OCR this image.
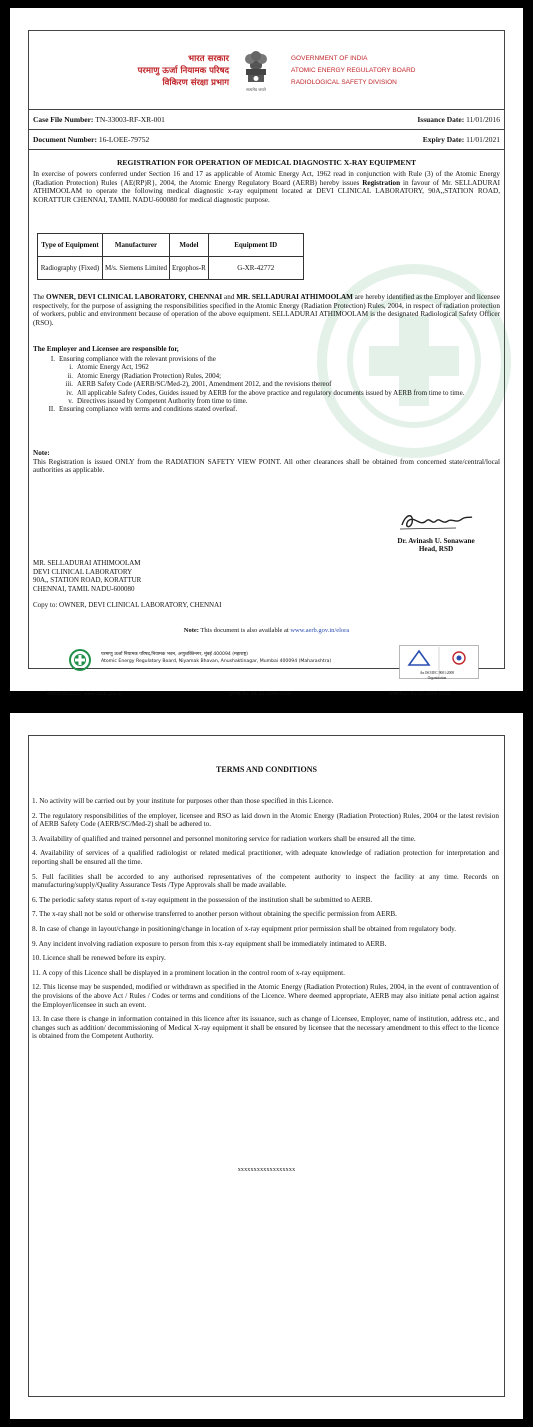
भारत सरकार
परमाणु ऊर्जा नियामक परिषद
विकिरण संरक्षा प्रभाग
सत्यमेव जयते
GOVERNMENT OF INDIA
ATOMIC ENERGY REGULATORY BOARD
RADIOLOGICAL SAFETY DIVISION
Case File Number: TN-33003-RF-XR-001	Issuance Date: 11/01/2016
Document Number: 16-LOEE-79752	Expiry Date: 11/01/2021
REGISTRATION FOR OPERATION OF MEDICAL DIAGNOSTIC X-RAY EQUIPMENT
In exercise of powers conferred under Section 16 and 17 as applicable of Atomic Energy Act, 1962 read in conjunction with Rule (3) of the Atomic Energy (Radiation Protection) Rules {AE(RP)R}, 2004, the Atomic Energy Regulatory Board (AERB) hereby issues Registration in favour of Mr. SELLADURAI ATHIMOOLAM to operate the following medical diagnostic x-ray equipment located at DEVI CLINICAL LABORATORY, 90A,,STATION ROAD, KORATTUR CHENNAI, TAMIL NADU-600080 for medical diagnostic purpose.
Type of Equipment	Manufacturer	Model	Equipment ID
Radiography (Fixed)	M/s. Siemens Limited	Ergophos-R	G-XR-42772
The OWNER, DEVI CLINICAL LABORATORY, CHENNAI and MR. SELLADURAI ATHIMOOLAM are hereby identified as the Employer and licensee respectively, for the purpose of assigning the responsibilities specified in the Atomic Energy (Radiation Protection) Rules, 2004, in respect of radiation protection of workers, public and environment because of operation of the above equipment. SELLADURAI ATHIMOOLAM is the designated Radiological Safety Officer (RSO).
The Employer and Licensee are responsible for,
I. Ensuring compliance with the relevant provisions of the
i. Atomic Energy Act, 1962
ii. Atomic Energy (Radiation Protection) Rules, 2004;
iii. AERB Safety Code (AERB/SC/Med-2), 2001, Amendment 2012, and the revisions thereof
iv. All applicable Safety Codes, Guides issued by AERB for the above practice and regulatory documents issued by AERB from time to time.
v. Directives issued by Competent Authority from time to time.
II. Ensuring compliance with terms and conditions stated overleaf.
Note:
This Registration is issued ONLY from the RADIATION SAFETY VIEW POINT. All other clearances shall be obtained from concerned state/central/local authorities as applicable.
Dr. Avinash U. Sonawane
Head, RSD
MR. SELLADURAI ATHIMOOLAM
DEVI CLINICAL LABORATORY
90A,, STATION ROAD, KORATTUR
CHENNAI, TAMIL NADU-600080
Copy to: OWNER, DEVI CLINICAL LABORATORY, CHENNAI
Note: This document is also available at www.aerb.gov.in/elora
परमाणु ऊर्जा नियामक परिषद,नियामक भवन, अणुशक्तिनगर, मुंबई 400094 (महाराष्ट्र)
Atomic Energy Regulatory Board, Niyamak Bhavan, Anushaktinagar, Mumbai 400094 (Maharashtra)
An ISO/IEC 9001:2008
Organization
वेबसाइट/Website: www.aerb.gov.in	दूरभाष/Tel: 91-22-2599 0656	फैक्स/Fax: 91-22-2599 0650
TERMS AND CONDITIONS
1. No activity will be carried out by your institute for purposes other than those specified in this Licence.
2. The regulatory responsibilities of the employer, licensee and RSO as laid down in the Atomic Energy (Radiation Protection) Rules, 2004 or the latest revision of AERB Safety Code (AERB/SC/Med-2) shall be adhered to.
3. Availability of qualified and trained personnel and personnel monitoring service for radiation workers shall be ensured all the time.
4. Availability of services of a qualified radiologist or related medical practitioner, with adequate knowledge of radiation protection for interpretation and reporting shall be ensured all the time.
5. Full facilities shall be accorded to any authorised representatives of the competent authority to inspect the facility at any time. Records on manufacturing/supply/Quality Assurance Tests /Type Approvals shall be made available.
6. The periodic safety status report of x-ray equipment in the possession of the institution shall be submitted to AERB.
7. The x-ray shall not be sold or otherwise transferred to another person without obtaining the specific permission from AERB.
8. In case of change in layout/change in positioning/change in location of x-ray equipment prior permission shall be obtained from regulatory body.
9. Any incident involving radiation exposure to person from this x-ray equipment shall be immediately intimated to AERB.
10. Licence shall be renewed before its expiry.
11. A copy of this Licence shall be displayed in a prominent location in the control room of x-ray equipment.
12. This license may be suspended, modified or withdrawn as specified in the Atomic Energy (Radiation Protection) Rules, 2004, in the event of contravention of the provisions of the above Act / Rules / Codes or terms and conditions of the Licence. Where deemed appropriate, AERB may also initiate penal action against the Employer/licensee in such an event.
13. In case there is change in information contained in this licence after its issuance, such as change of Licensee, Employer, name of institution, address etc., and changes such as addition/ decommissioning of Medical X-ray equipment it shall be ensured by licensee that the necessary amendment to this effect to the licence is obtained from the Competent Authority.
xxxxxxxxxxxxxxxxxx
